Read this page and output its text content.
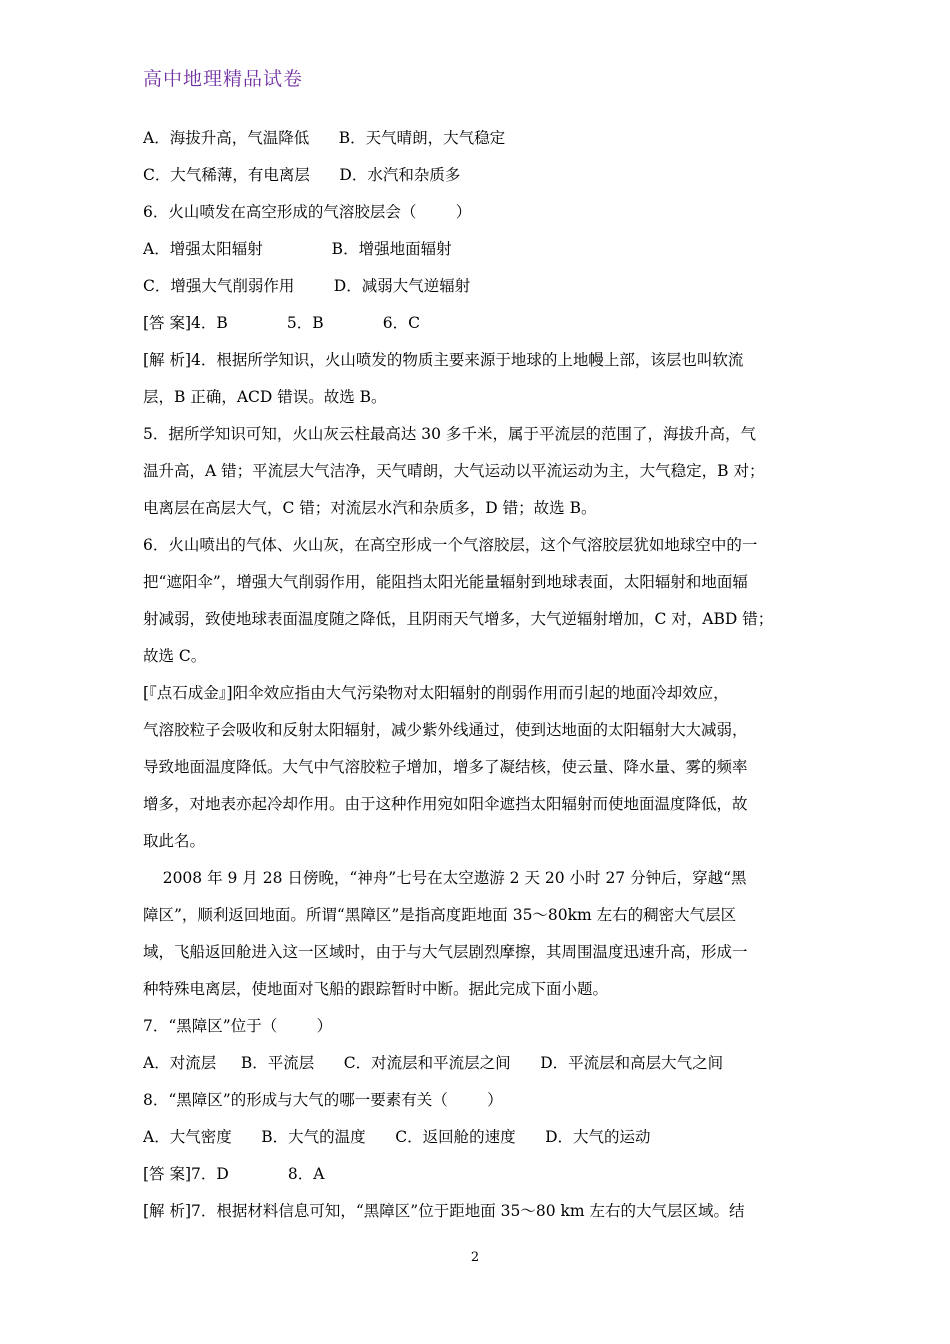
高中地理精品试卷
A．海拔升高，气温降低      B．天气晴朗，大气稳定
C．大气稀薄，有电离层      D．水汽和杂质多
6．火山喷发在高空形成的气溶胶层会（        ）
A．增强太阳辐射              B．增强地面辐射
C．增强大气削弱作用        D．减弱大气逆辐射
[答 案]4．B            5．B            6．C
[解 析]4．根据所学知识，火山喷发的物质主要来源于地球的上地幔上部，该层也叫软流
层，B 正确，ACD 错误。故选 B。
5．据所学知识可知，火山灰云柱最高达 30 多千米，属于平流层的范围了，海拔升高，气
温升高，A 错；平流层大气洁净，天气晴朗，大气运动以平流运动为主，大气稳定，B 对；
电离层在高层大气，C 错；对流层水汽和杂质多，D 错；故选 B。
6．火山喷出的气体、火山灰，在高空形成一个气溶胶层，这个气溶胶层犹如地球空中的一
把“遮阳伞”，增强大气削弱作用，能阻挡太阳光能量辐射到地球表面，太阳辐射和地面辐
射减弱，致使地球表面温度随之降低，且阴雨天气增多，大气逆辐射增加，C 对，ABD 错；
故选 C。
[『点石成金』]阳伞效应指由大气污染物对太阳辐射的削弱作用而引起的地面冷却效应，
气溶胶粒子会吸收和反射太阳辐射，减少紫外线通过，使到达地面的太阳辐射大大减弱，
导致地面温度降低。大气中气溶胶粒子增加，增多了凝结核，使云量、降水量、雾的频率
增多，对地表亦起冷却作用。由于这种作用宛如阳伞遮挡太阳辐射而使地面温度降低，故
取此名。
2008 年 9 月 28 日傍晚，“神舟”七号在太空遨游 2 天 20 小时 27 分钟后，穿越“黑
障区”，顺利返回地面。所谓“黑障区”是指高度距地面 35～80km 左右的稠密大气层区
域，飞船返回舱进入这一区域时，由于与大气层剧烈摩擦，其周围温度迅速升高，形成一
种特殊电离层，使地面对飞船的跟踪暂时中断。据此完成下面小题。
7．“黑障区”位于（        ）
A．对流层     B．平流层      C．对流层和平流层之间      D．平流层和高层大气之间
8．“黑障区”的形成与大气的哪一要素有关（        ）
A．大气密度      B．大气的温度      C．返回舱的速度      D．大气的运动
[答 案]7．D            8．A
[解 析]7．根据材料信息可知，“黑障区”位于距地面 35～80 km 左右的大气层区域。结
2
